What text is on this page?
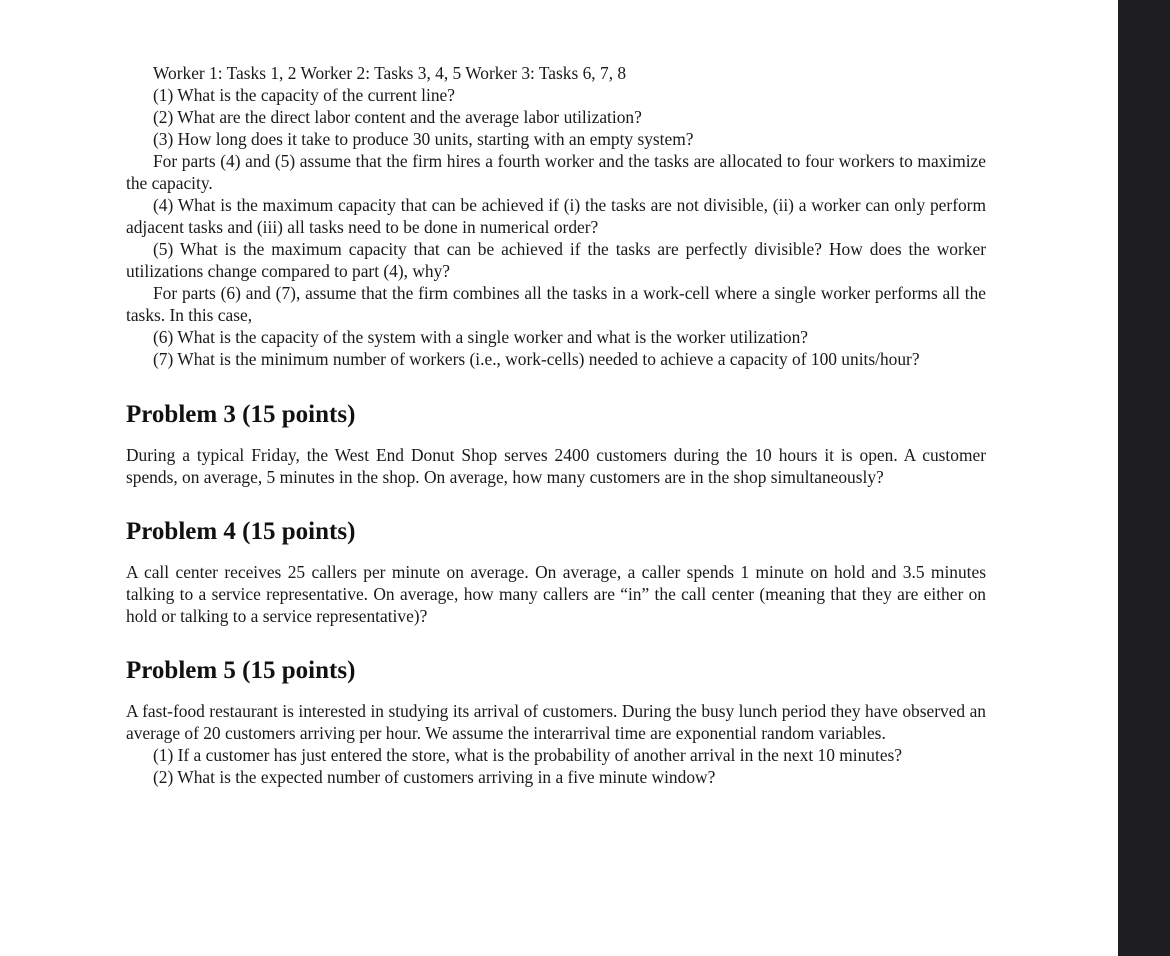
Worker 1: Tasks 1, 2 Worker 2: Tasks 3, 4, 5 Worker 3: Tasks 6, 7, 8

(1) What is the capacity of the current line?

(2) What are the direct labor content and the average labor utilization?

(3) How long does it take to produce 30 units, starting with an empty system?

For parts (4) and (5) assume that the firm hires a fourth worker and the tasks are allocated to four workers to maximize the capacity.

(4) What is the maximum capacity that can be achieved if (i) the tasks are not divisible, (ii) a worker can only perform adjacent tasks and (iii) all tasks need to be done in numerical order?

(5) What is the maximum capacity that can be achieved if the tasks are perfectly divisible? How does the worker utilizations change compared to part (4), why?

For parts (6) and (7), assume that the firm combines all the tasks in a work-cell where a single worker performs all the tasks. In this case,

(6) What is the capacity of the system with a single worker and what is the worker utilization?

(7) What is the minimum number of workers (i.e., work-cells) needed to achieve a capacity of 100 units/hour?

Problem 3 (15 points)

During a typical Friday, the West End Donut Shop serves 2400 customers during the 10 hours it is open. A customer spends, on average, 5 minutes in the shop. On average, how many customers are in the shop simultaneously?

Problem 4 (15 points)

A call center receives 25 callers per minute on average. On average, a caller spends 1 minute on hold and 3.5 minutes talking to a service representative. On average, how many callers are “in” the call center (meaning that they are either on hold or talking to a service representative)?

Problem 5 (15 points)

A fast-food restaurant is interested in studying its arrival of customers. During the busy lunch period they have observed an average of 20 customers arriving per hour. We assume the interarrival time are exponential random variables.

(1) If a customer has just entered the store, what is the probability of another arrival in the next 10 minutes?

(2) What is the expected number of customers arriving in a five minute window?
